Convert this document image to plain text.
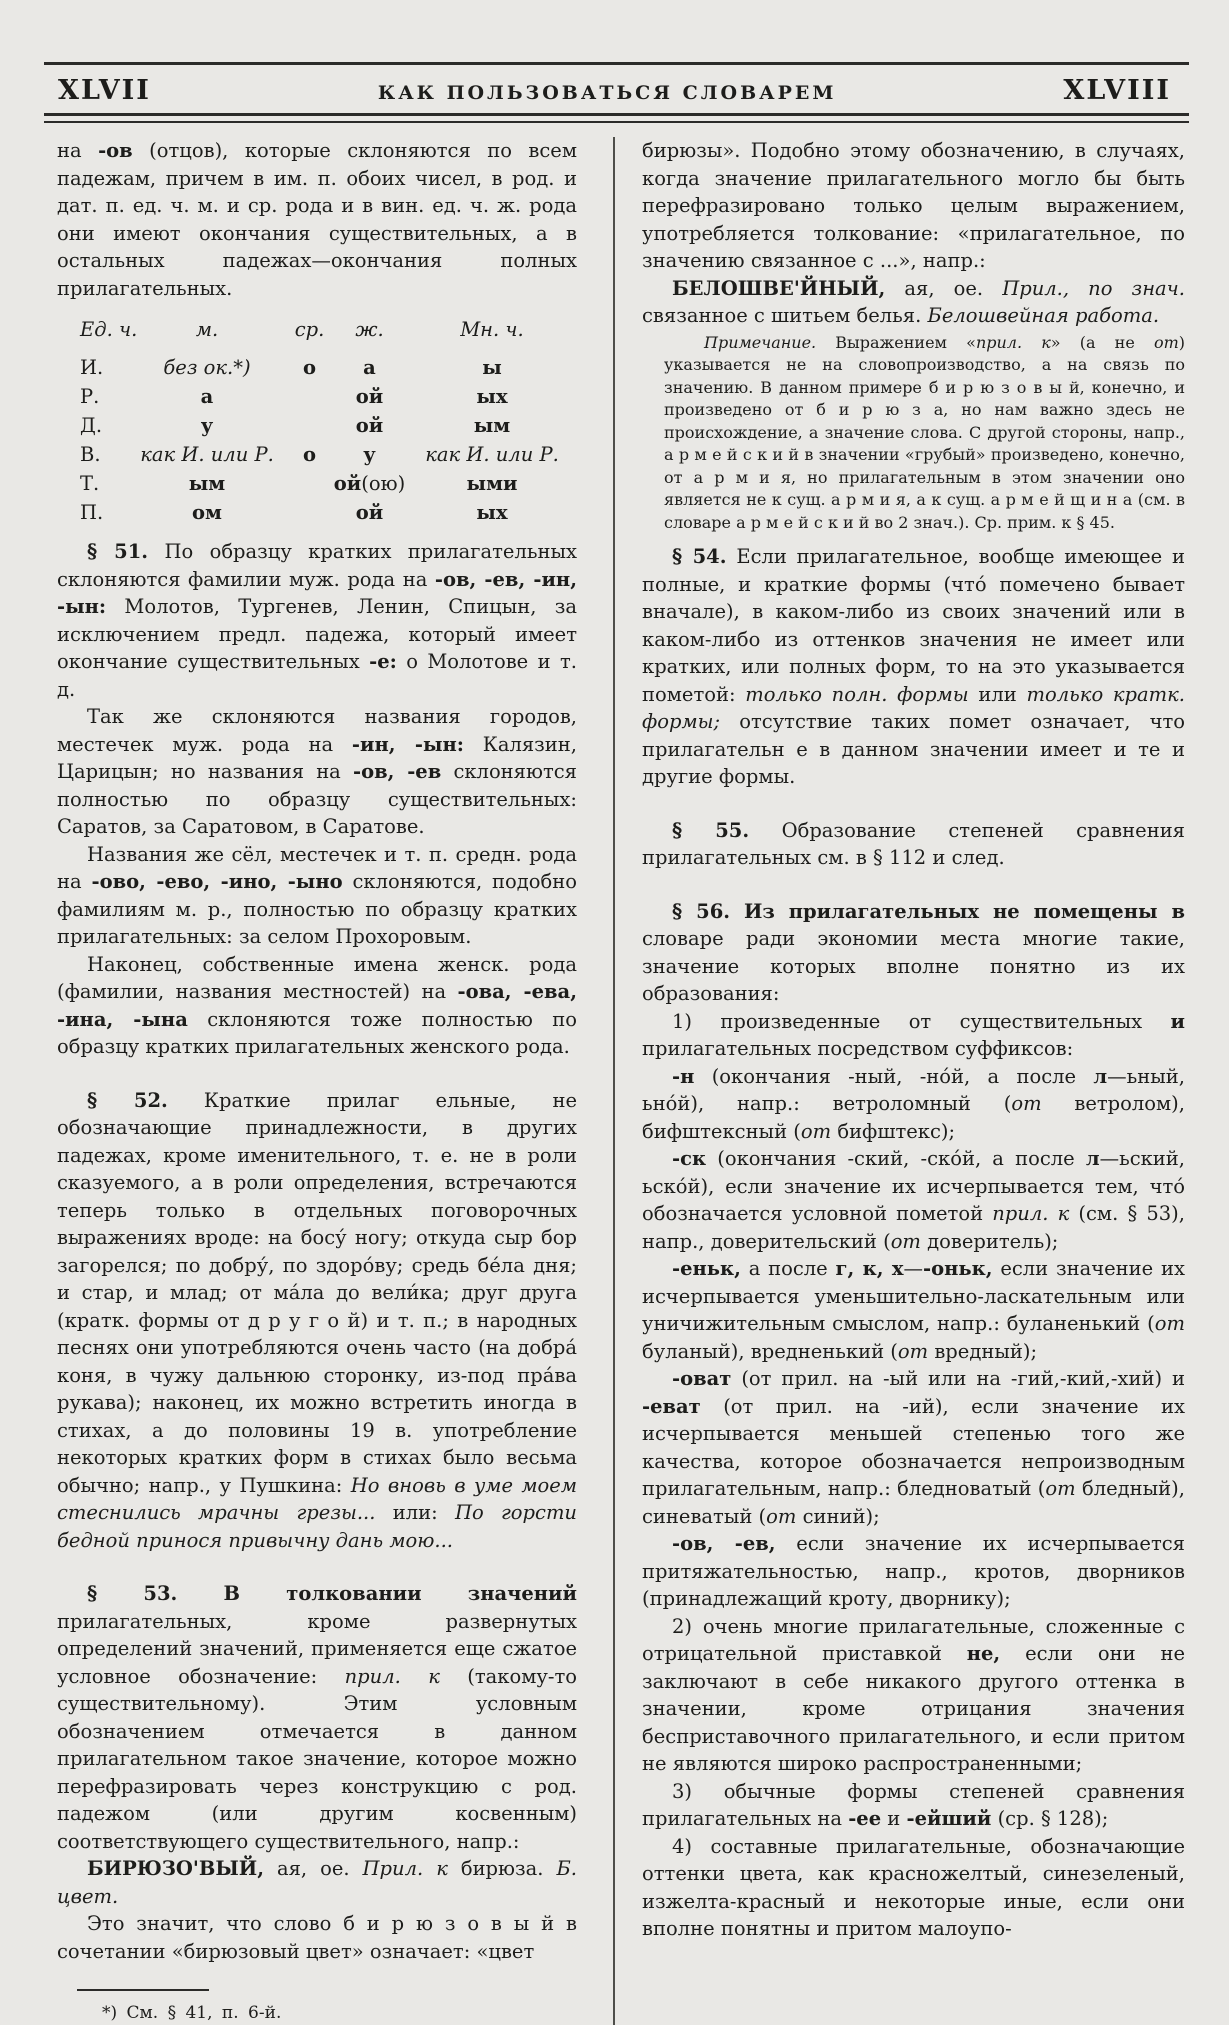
XLVII	КАК ПОЛЬЗОВАТЬСЯ СЛОВАРЕМ	XLVIII

на -ов (отцов), которые склоняются по всем падежам, причем в им. п. обоих чисел, в род. и дат. п. ед. ч. м. и ср. рода и в вин. ед. ч. ж. рода они имеют окончания существительных, а в остальных падежах—окончания полных прилагательных.

Ед. ч.	м.	ср.	ж.	Мн. ч.
И.	без ок.*)	о	а	ы
Р.	а	ой	ых
Д.	у	ой	ым
В.	как И. или Р.	о	у	как И. или Р.
Т.	ым	ой(ою)	ыми
П.	ом	ой	ых

§ 51. По образцу кратких прилагательных склоняются фамилии муж. рода на -ов, -ев, -ин, -ын: Молотов, Тургенев, Ленин, Спицын, за исключением предл. падежа, который имеет окончание существительных -е: о Молотове и т. д.

Так же склоняются названия городов, местечек муж. рода на -ин, -ын: Калязин, Царицын; но названия на -ов, -ев склоняются полностью по образцу существительных: Саратов, за Саратовом, в Саратове.

Названия же сёл, местечек и т. п. средн. рода на -ово, -ево, -ино, -ыно склоняются, подобно фамилиям м. р., полностью по образцу кратких прилагательных: за селом Прохоровым.

Наконец, собственные имена женск. рода (фамилии, названия местностей) на -ова, -ева, -ина, -ына склоняются тоже полностью по образцу кратких прилагательных женского рода.

§ 52. Краткие прилаг ельные, не обозначающие принадлежности, в других падежах, кроме именительного, т. е. не в роли сказуемого, а в роли определения, встречаются теперь только в отдельных поговорочных выражениях вроде: на босу́ ногу; откуда сыр бор загорелся; по добру́, по здоро́ву; средь бе́ла дня; и стар, и млад; от ма́ла до вели́ка; друг друга (кратк. формы от д р у г о й) и т. п.; в народных песнях они употребляются очень часто (на добра́ коня, в чужу дальнюю сторонку, из-под пра́ва рукава); наконец, их можно встретить иногда в стихах, а до половины 19 в. употребление некоторых кратких форм в стихах было весьма обычно; напр., у Пушкина: Но вновь в уме моем стеснились мрачны грезы... или: По горсти бедной принося привычну дань мою...

§ 53. В толковании значений прилагательных, кроме развернутых определений значений, применяется еще сжатое условное обозначение: прил. к (такому-то существительному). Этим условным обозначением отмечается в данном прилагательном такое значение, которое можно перефразировать через конструкцию с род. падежом (или другим косвенным) соответствующего существительного, напр.:

БИРЮЗО'ВЫЙ, ая, ое. Прил. к бирюза. Б. цвет.

Это значит, что слово б и р ю з о в ы й в сочетании «бирюзовый цвет» означает: «цвет

*) См. § 41, п. 6-й.

бирюзы». Подобно этому обозначению, в случаях, когда значение прилагательного могло бы быть перефразировано только целым выражением, употребляется толкование: «прилагательное, по значению связанное с ...», напр.:

БЕЛОШВЕ'ЙНЫЙ, ая, ое. Прил., по знач. связанное с шитьем белья. Белошвейная работа.

Примечание. Выражением «прил. к» (а не от) указывается не на словопроизводство, а на связь по значению. В данном примере б и р ю з о в ы й, конечно, и произведено от б и р ю з а, но нам важно здесь не происхождение, а значение слова. С другой стороны, напр., а р м е й с к и й в значении «грубый» произведено, конечно, от а р м и я, но прилагательным в этом значении оно является не к сущ. а р м и я, а к сущ. а р м е й щ и н а (см. в словаре а р м е й с к и й во 2 знач.). Ср. прим. к § 45.

§ 54. Если прилагательное, вообще имеющее и полные, и краткие формы (что́ помечено бывает вначале), в каком-либо из своих значений или в каком-либо из оттенков значения не имеет или кратких, или полных форм, то на это указывается пометой: только полн. формы или только кратк. формы; отсутствие таких помет означает, что прилагательн е в данном значении имеет и те и другие формы.

§ 55. Образование степеней сравнения прилагательных см. в § 112 и след.

§ 56. Из прилагательных не помещены в словаре ради экономии места многие такие, значение которых вполне понятно из их образования:

1) произведенные от существительных и прилагательных посредством суффиксов:

-н (окончания -ный, -но́й, а после л—ьный, ьно́й), напр.: ветроломный (от ветролом), бифштексный (от бифштекс);

-ск (окончания -ский, -ско́й, а после л—ьский, ьско́й), если значение их исчерпывается тем, что́ обозначается условной пометой прил. к (см. § 53), напр., доверительский (от доверитель);

-еньк, а после г, к, х—-оньк, если значение их исчерпывается уменьшительно-ласкательным или уничижительным смыслом, напр.: буланенький (от буланый), вредненький (от вредный);

-оват (от прил. на -ый или на -гий,-кий,-хий) и -еват (от прил. на -ий), если значение их исчерпывается меньшей степенью того же качества, которое обозначается непроизводным прилагательным, напр.: бледноватый (от бледный), синеватый (от синий);

-ов, -ев, если значение их исчерпывается притяжательностью, напр., кротов, дворников (принадлежащий кроту, дворнику);

2) очень многие прилагательные, сложенные с отрицательной приставкой не, если они не заключают в себе никакого другого оттенка в значении, кроме отрицания значения бесприставочного прилагательного, и если притом не являются широко распространенными;

3) обычные формы степеней сравнения прилагательных на -ее и -ейший (ср. § 128);

4) составные прилагательные, обозначающие оттенки цвета, как красножелтый, синезеленый, изжелта-красный и некоторые иные, если они вполне понятны и притом малоупо-
